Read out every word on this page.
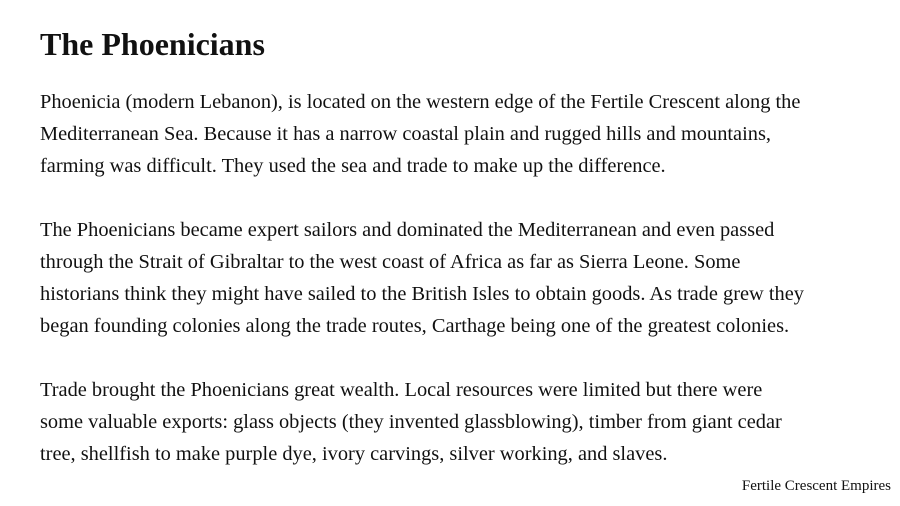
The Phoenicians

Phoenicia (modern Lebanon), is located on the western edge of the Fertile Crescent along the
Mediterranean Sea. Because it has a narrow coastal plain and rugged hills and mountains,
farming was difficult. They used the sea and trade to make up the difference.

The Phoenicians became expert sailors and dominated the Mediterranean and even passed
through the Strait of Gibraltar to the west coast of Africa as far as Sierra Leone. Some
historians think they might have sailed to the British Isles to obtain goods. As trade grew they
began founding colonies along the trade routes, Carthage being one of the greatest colonies.

Trade brought the Phoenicians great wealth. Local resources were limited but there were
some valuable exports: glass objects (they invented glassblowing), timber from giant cedar
tree, shellfish to make purple dye, ivory carvings, silver working, and slaves.

Fertile Crescent Empires
